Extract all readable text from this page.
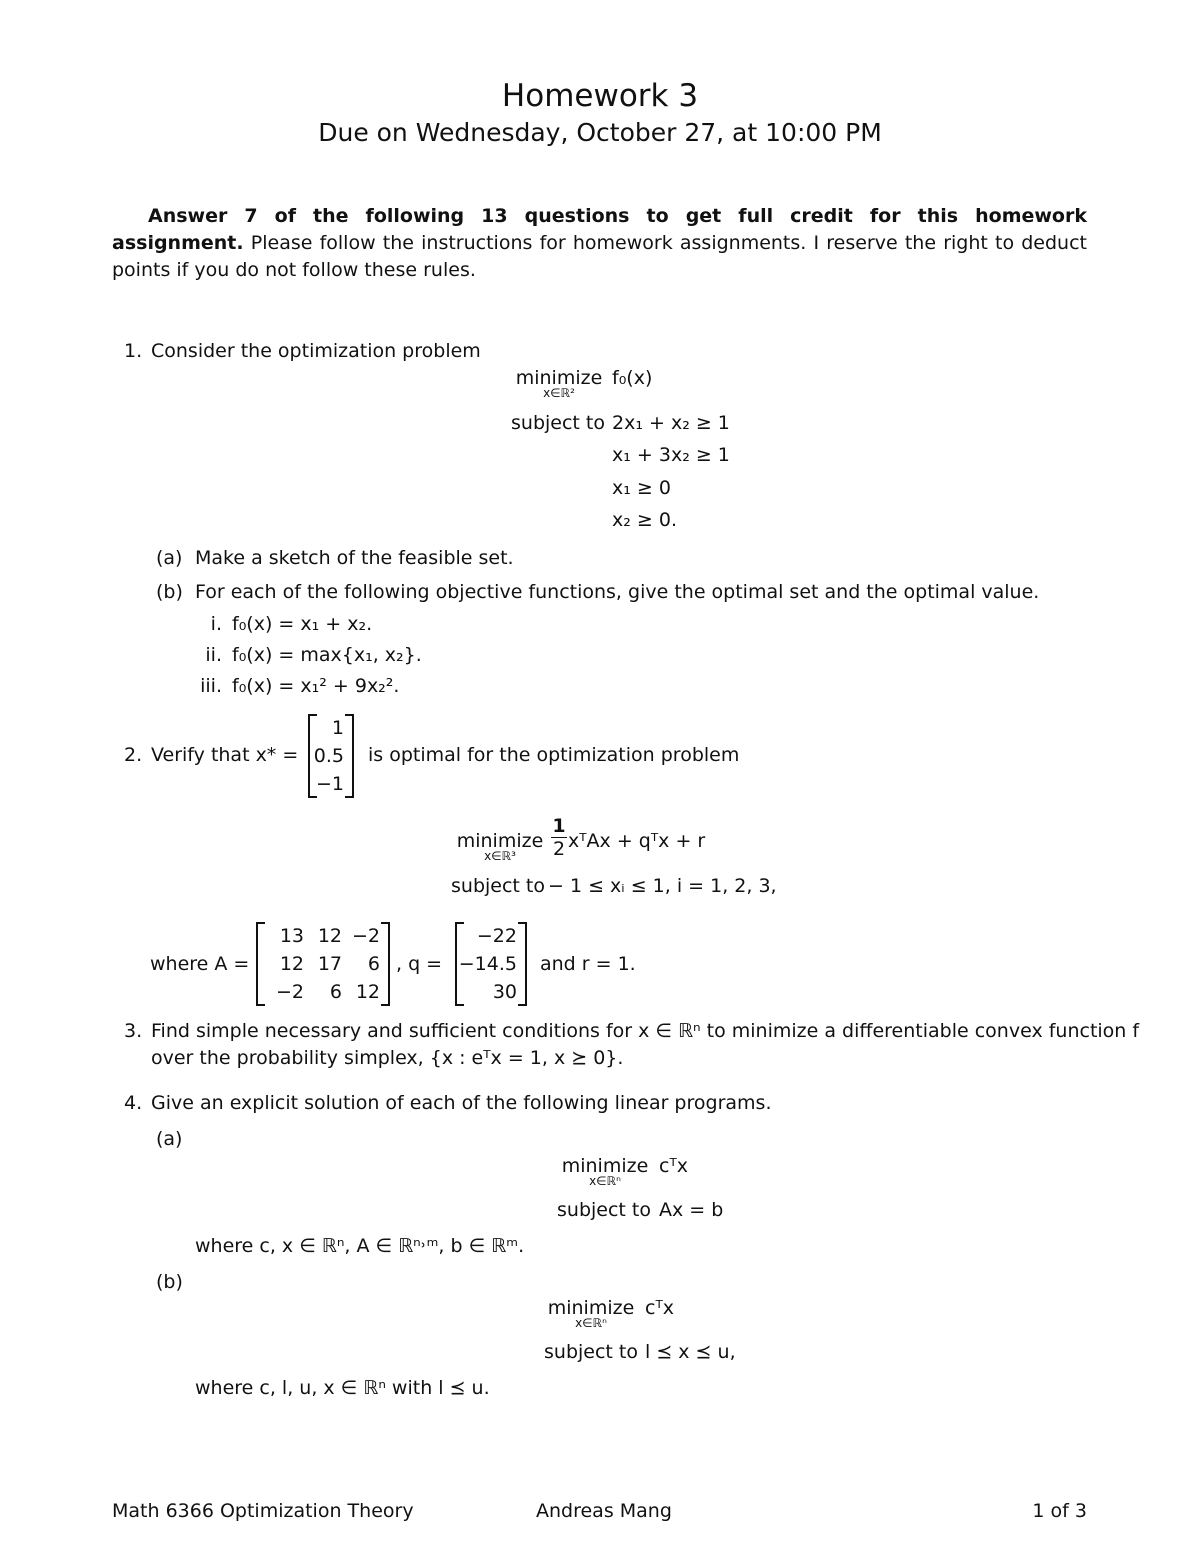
Homework 3
Due on Wednesday, October 27, at 10:00 PM
Answer 7 of the following 13 questions to get full credit for this homework assignment. Please follow the instructions for homework assignments. I reserve the right to deduct points if you do not follow these rules.
1. Consider the optimization problem
minimize
x∈ℝ²
f₀(x)
subject to 2x₁ + x₂ ≥ 1
x₁ + 3x₂ ≥ 1
x₁ ≥ 0
x₂ ≥ 0.
(a) Make a sketch of the feasible set.
(b) For each of the following objective functions, give the optimal set and the optimal value.
i. f₀(x) = x₁ + x₂.
ii. f₀(x) = max{x₁, x₂}.
iii. f₀(x) = x₁² + 9x₂².
2. Verify that x* =
1
0.5
−1
is optimal for the optimization problem
minimize
x∈ℝ³	$\frac{1}{2}$ xᵀAx + qᵀx + r
subject to − 1 ≤ xᵢ ≤ 1, i = 1, 2, 3,
where A =
13 12 −2
12 17	6
−2	6 12
, q =
−22
−14.5
30
and r = 1.
3. Find simple necessary and sufficient conditions for x ∈ ℝⁿ to minimize a differentiable convex function f
over the probability simplex, {x : eᵀx = 1, x ⪰ 0}.
4. Give an explicit solution of each of the following linear programs.
(a)
minimize
x∈ℝⁿ
cᵀx
subject to Ax = b
where c, x ∈ ℝⁿ, A ∈ ℝⁿ˒ᵐ, b ∈ ℝᵐ.
(b)
minimize
x∈ℝⁿ
cᵀx
subject to l ⪯ x ⪯ u,
where c, l, u, x ∈ ℝⁿ with l ⪯ u.
Math 6366 Optimization Theory	Andreas Mang	1 of 3
